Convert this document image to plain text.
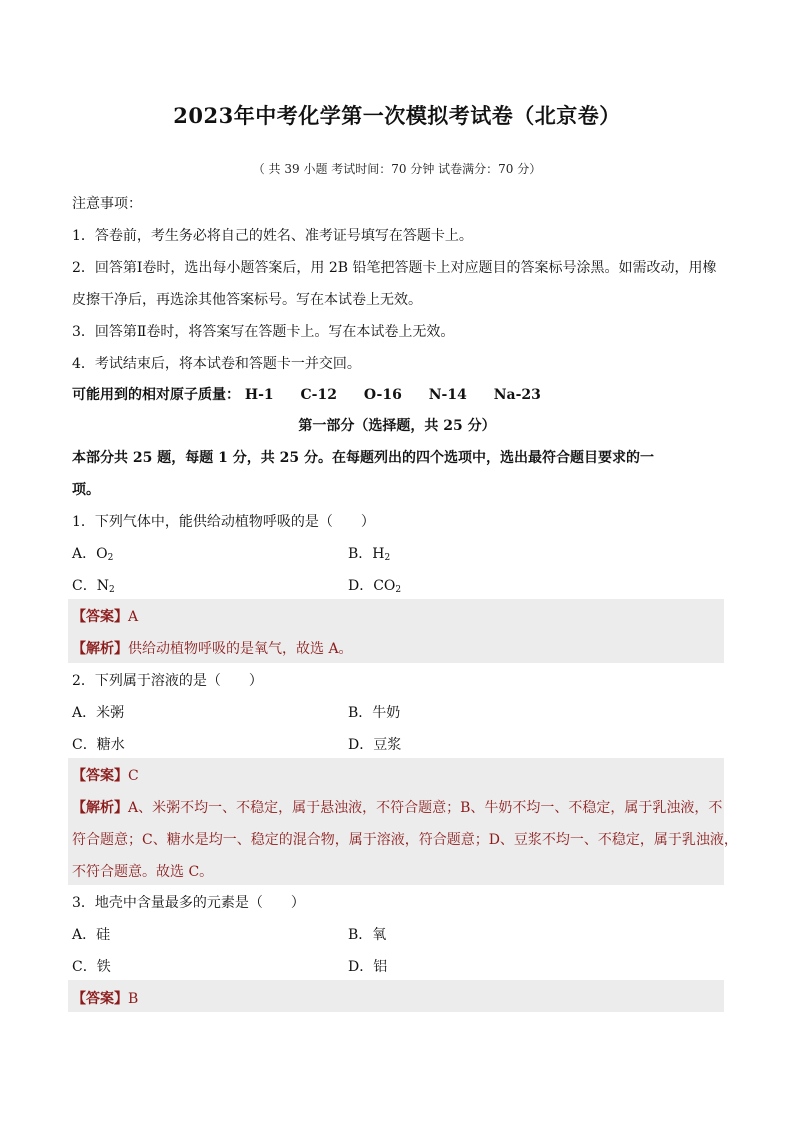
2023年中考化学第一次模拟考试卷（北京卷）
（ 共 39 小题 考试时间：70 分钟 试卷满分：70 分）
注意事项：
1．答卷前，考生务必将自己的姓名、准考证号填写在答题卡上。
2．回答第Ⅰ卷时，选出每小题答案后，用 2B 铅笔把答题卡上对应题目的答案标号涂黑。如需改动，用橡
皮擦干净后，再选涂其他答案标号。写在本试卷上无效。
3．回答第Ⅱ卷时，将答案写在答题卡上。写在本试卷上无效。
4．考试结束后，将本试卷和答题卡一并交回。
可能用到的相对原子质量： H-1 C-12 O-16 N-14 Na-23
第一部分（选择题，共 25 分）
本部分共 25 题，每题 1 分，共 25 分。在每题列出的四个选项中，选出最符合题目要求的一
项。
1．下列气体中，能供给动植物呼吸的是（　　）
A．$O_2$	B．$H_2$
C．$N_2$	D．$CO_2$
【答案】A
【解析】供给动植物呼吸的是氧气，故选 A。
2．下列属于溶液的是（　　）
A．米粥	B．牛奶
C．糖水	D．豆浆
【答案】C
【解析】A、米粥不均一、不稳定，属于悬浊液，不符合题意；B、牛奶不均一、不稳定，属于乳浊液，不
符合题意；C、糖水是均一、稳定的混合物，属于溶液，符合题意；D、豆浆不均一、不稳定，属于乳浊液，
不符合题意。故选 C。
3．地壳中含量最多的元素是（　　）
A．硅	B．氧
C．铁	D．铝
【答案】B
